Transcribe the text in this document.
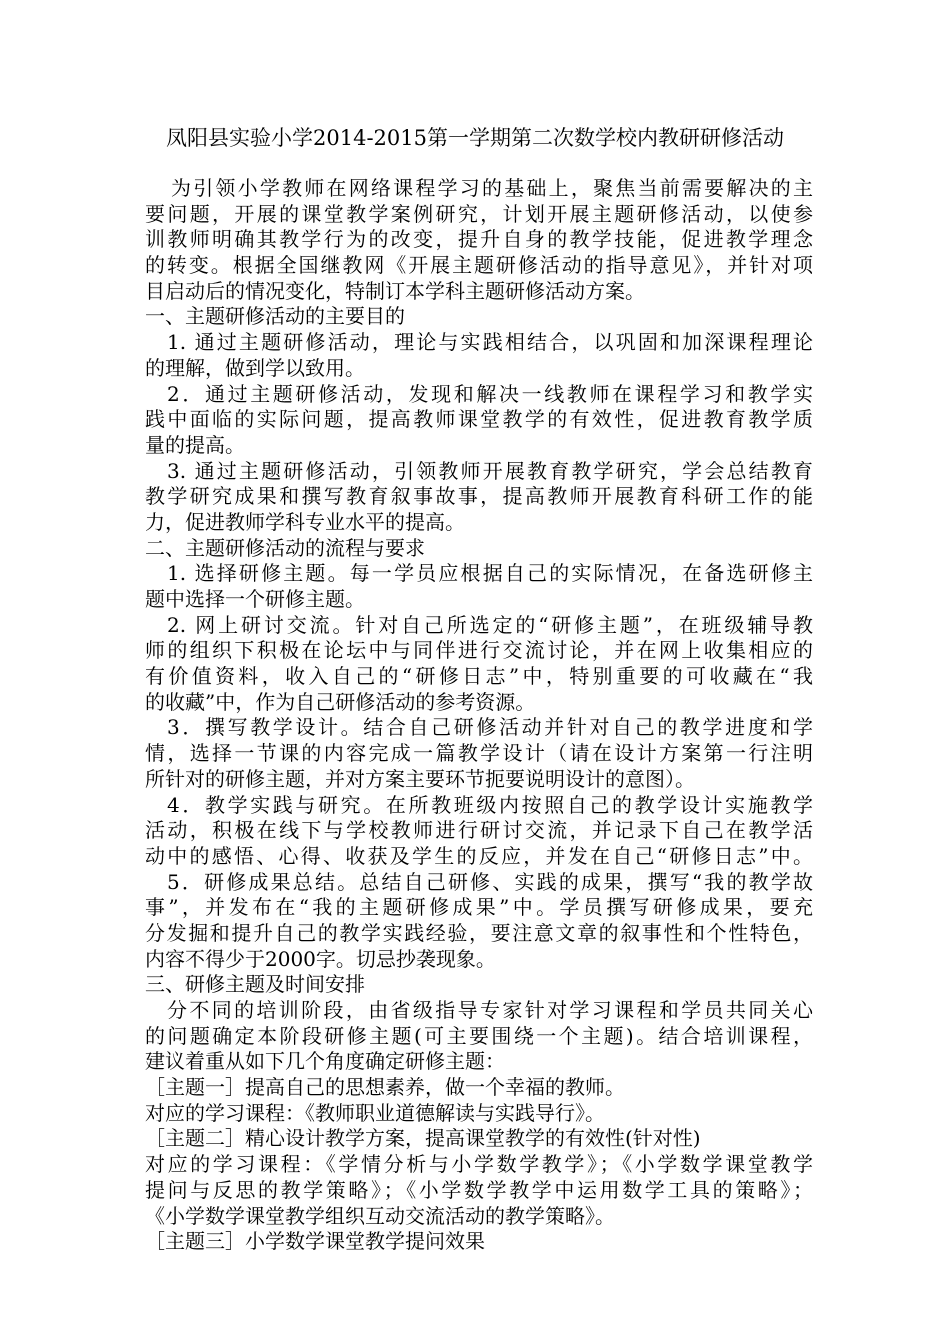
凤阳县实验小学2014-2015第一学期第二次数学校内教研研修活动
为引领小学教师在网络课程学习的基础上，聚焦当前需要解决的主
要问题，开展的课堂教学案例研究，计划开展主题研修活动，以使参
训教师明确其教学行为的改变，提升自身的教学技能，促进教学理念
的转变。根据全国继教网《开展主题研修活动的指导意见》，并针对项
目启动后的情况变化，特制订本学科主题研修活动方案。
一、主题研修活动的主要目的
1. 通过主题研修活动，理论与实践相结合，以巩固和加深课程理论
的理解，做到学以致用。
2．通过主题研修活动，发现和解决一线教师在课程学习和教学实
践中面临的实际问题，提高教师课堂教学的有效性，促进教育教学质
量的提高。
3. 通过主题研修活动，引领教师开展教育教学研究，学会总结教育
教学研究成果和撰写教育叙事故事，提高教师开展教育科研工作的能
力，促进教师学科专业水平的提高。
二、主题研修活动的流程与要求
1. 选择研修主题。每一学员应根据自己的实际情况，在备选研修主
题中选择一个研修主题。
2. 网上研讨交流。针对自己所选定的“研修主题”，在班级辅导教
师的组织下积极在论坛中与同伴进行交流讨论，并在网上收集相应的
有价值资料，收入自己的“研修日志”中，特别重要的可收藏在“我
的收藏”中，作为自己研修活动的参考资源。
3．撰写教学设计。结合自己研修活动并针对自己的教学进度和学
情，选择一节课的内容完成一篇教学设计（请在设计方案第一行注明
所针对的研修主题，并对方案主要环节扼要说明设计的意图）。
4．教学实践与研究。在所教班级内按照自己的教学设计实施教学
活动，积极在线下与学校教师进行研讨交流，并记录下自己在教学活
动中的感悟、心得、收获及学生的反应，并发在自己“研修日志”中。
5．研修成果总结。总结自己研修、实践的成果，撰写“我的教学故
事”，并发布在“我的主题研修成果”中。学员撰写研修成果，要充
分发掘和提升自己的教学实践经验，要注意文章的叙事性和个性特色，
内容不得少于2000字。切忌抄袭现象。
三、研修主题及时间安排
分不同的培训阶段，由省级指导专家针对学习课程和学员共同关心
的问题确定本阶段研修主题(可主要围绕一个主题)。结合培训课程，
建议着重从如下几个角度确定研修主题：
［主题一］提高自己的思想素养，做一个幸福的教师。
对应的学习课程：《教师职业道德解读与实践导行》。
［主题二］精心设计教学方案，提高课堂教学的有效性(针对性)
对应的学习课程：《学情分析与小学数学教学》；《小学数学课堂教学
提问与反思的教学策略》；《小学数学教学中运用数学工具的策略》；
《小学数学课堂教学组织互动交流活动的教学策略》。
［主题三］小学数学课堂教学提问效果
